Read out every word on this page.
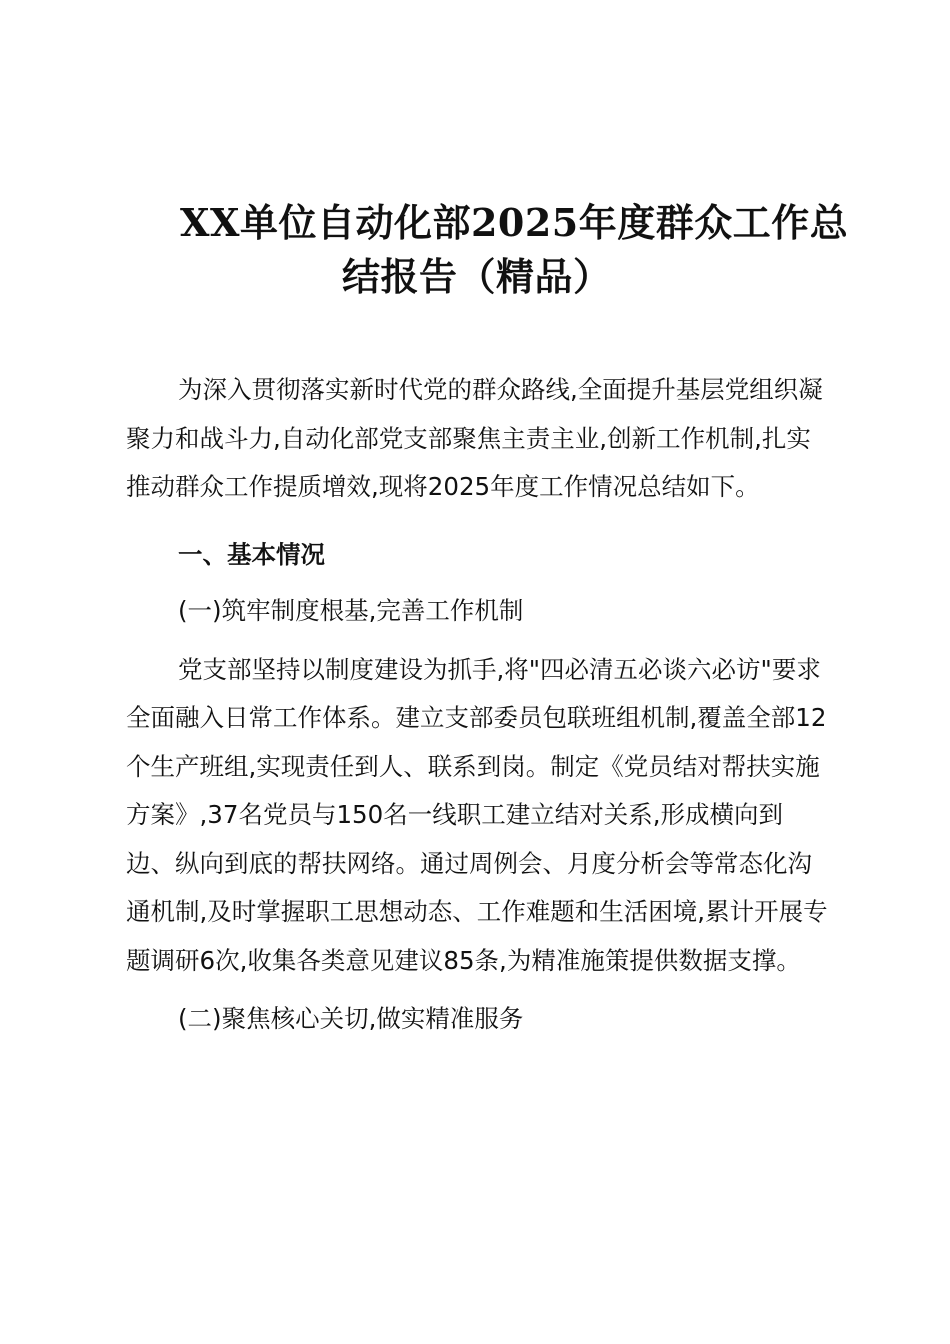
XX单位自动化部2025年度群众工作总
结报告（精品）

为深入贯彻落实新时代党的群众路线,全面提升基层党组织凝聚力和战斗力,自动化部党支部聚焦主责主业,创新工作机制,扎实推动群众工作提质增效,现将2025年度工作情况总结如下。

一、基本情况

(一)筑牢制度根基,完善工作机制

党支部坚持以制度建设为抓手,将"四必清五必谈六必访"要求全面融入日常工作体系。建立支部委员包联班组机制,覆盖全部12个生产班组,实现责任到人、联系到岗。制定《党员结对帮扶实施方案》,37名党员与150名一线职工建立结对关系,形成横向到边、纵向到底的帮扶网络。通过周例会、月度分析会等常态化沟通机制,及时掌握职工思想动态、工作难题和生活困境,累计开展专题调研6次,收集各类意见建议85条,为精准施策提供数据支撑。

(二)聚焦核心关切,做实精准服务
